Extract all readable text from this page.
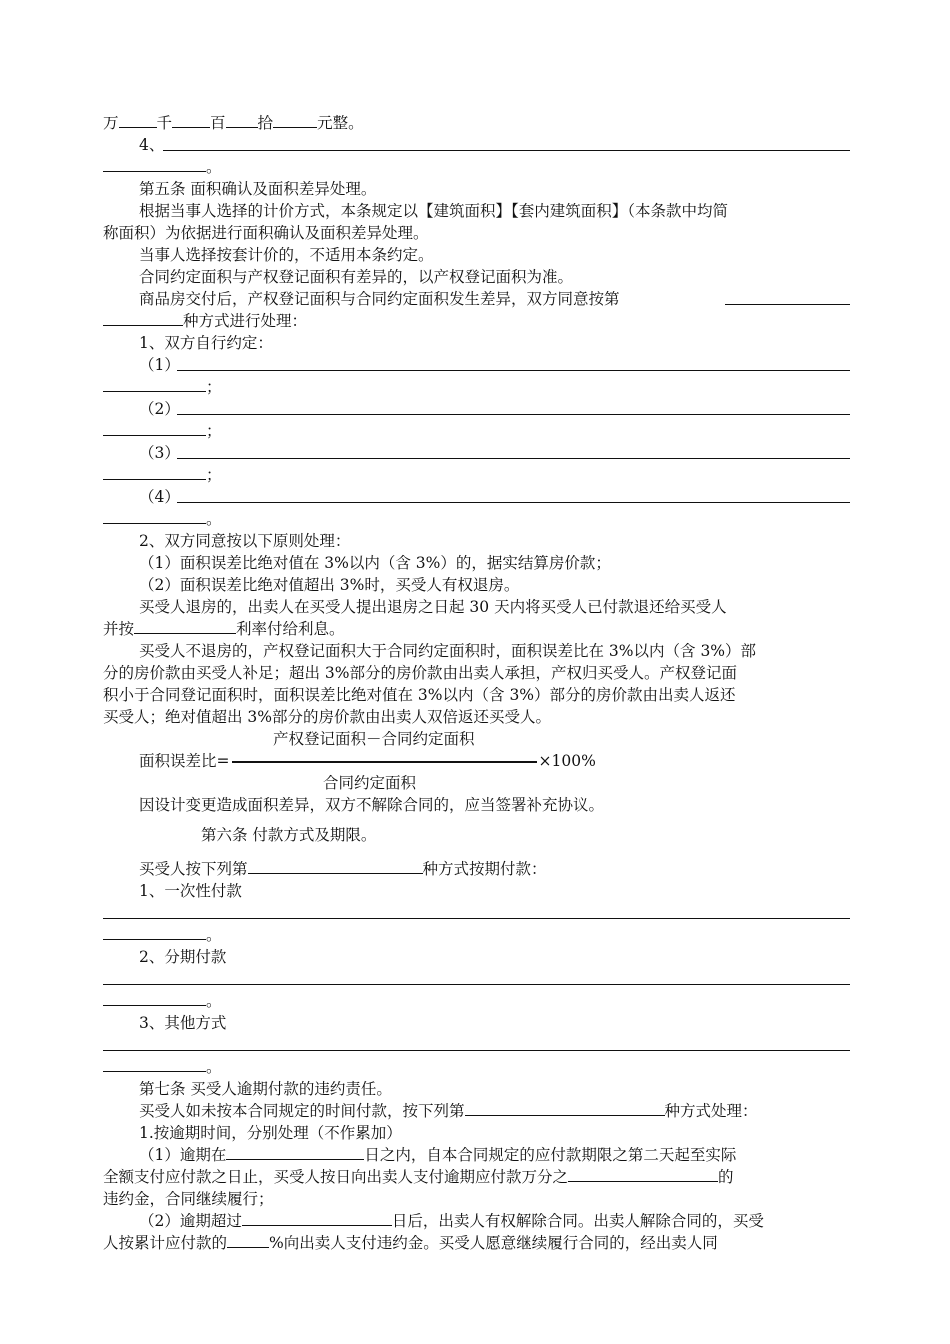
万 千 百 拾	元整。
4、
。
第五条 面积确认及面积差异处理。
根据当事人选择的计价方式，本条规定以【建筑面积】【套内建筑面积】（本条款中均简
称面积）为依据进行面积确认及面积差异处理。
当事人选择按套计价的，不适用本条约定。
合同约定面积与产权登记面积有差异的，以产权登记面积为准。
商品房交付后，产权登记面积与合同约定面积发生差异，双方同意按第
种方式进行处理：
1、双方自行约定：
（1）
；
（2）
；
（3）
；
（4）
。
2、双方同意按以下原则处理：
（1）面积误差比绝对值在 3%以内（含 3%）的，据实结算房价款；
（2）面积误差比绝对值超出 3%时，买受人有权退房。
买受人退房的，出卖人在买受人提出退房之日起 30 天内将买受人已付款退还给买受人
并按	利率付给利息。
买受人不退房的，产权登记面积大于合同约定面积时，面积误差比在 3%以内（含 3%）部
分的房价款由买受人补足；超出 3%部分的房价款由出卖人承担，产权归买受人。产权登记面
积小于合同登记面积时，面积误差比绝对值在 3%以内（含 3%）部分的房价款由出卖人返还
买受人；绝对值超出 3%部分的房价款由出卖人双倍返还买受人。
产权登记面积－合同约定面积
面积误差比=	×100%
合同约定面积
因设计变更造成面积差异，双方不解除合同的，应当签署补充协议。
第六条 付款方式及期限。
买受人按下列第	种方式按期付款：
1、一次性付款
。
2、分期付款
。
3、其他方式
。
第七条 买受人逾期付款的违约责任。
买受人如未按本合同规定的时间付款，按下列第	种方式处理：
1.按逾期时间，分别处理（不作累加）
（1）逾期在	日之内，自本合同规定的应付款期限之第二天起至实际
全额支付应付款之日止，买受人按日向出卖人支付逾期应付款万分之	的
违约金，合同继续履行；
（2）逾期超过	日后，出卖人有权解除合同。出卖人解除合同的，买受
人按累计应付款的	%向出卖人支付违约金。买受人愿意继续履行合同的，经出卖人同
